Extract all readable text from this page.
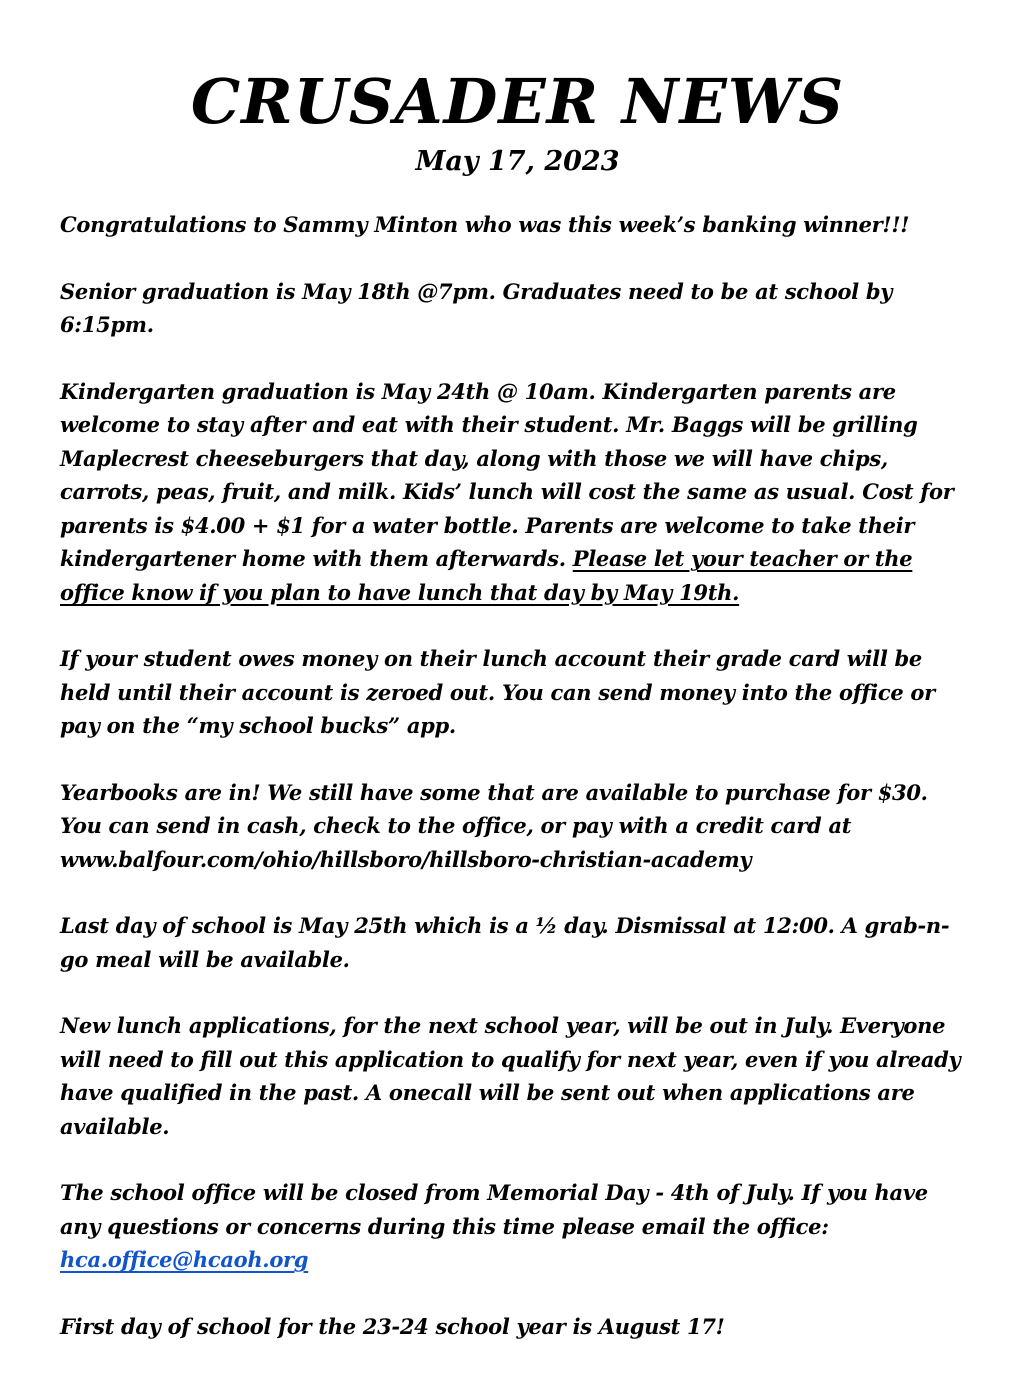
CRUSADER NEWS
May 17, 2023

Congratulations to Sammy Minton who was this week’s banking winner!!!

Senior graduation is May 18th @7pm. Graduates need to be at school by 6:15pm.

Kindergarten graduation is May 24th @ 10am. Kindergarten parents are welcome to stay after and eat with their student. Mr. Baggs will be grilling Maplecrest cheeseburgers that day, along with those we will have chips, carrots, peas, fruit, and milk. Kids’ lunch will cost the same as usual. Cost for parents is $4.00 + $1 for a water bottle. Parents are welcome to take their kindergartener home with them afterwards. Please let your teacher or the office know if you plan to have lunch that day by May 19th.

If your student owes money on their lunch account their grade card will be held until their account is zeroed out. You can send money into the office or pay on the “my school bucks” app.

Yearbooks are in! We still have some that are available to purchase for $30. You can send in cash, check to the office, or pay with a credit card at www.balfour.com/ohio/hillsboro/hillsboro-christian-academy

Last day of school is May 25th which is a ½ day. Dismissal at 12:00. A grab-n-go meal will be available.

New lunch applications, for the next school year, will be out in July. Everyone will need to fill out this application to qualify for next year, even if you already have qualified in the past. A onecall will be sent out when applications are available.

The school office will be closed from Memorial Day - 4th of July. If you have any questions or concerns during this time please email the office: hca.office@hcaoh.org

First day of school for the 23-24 school year is August 17!
